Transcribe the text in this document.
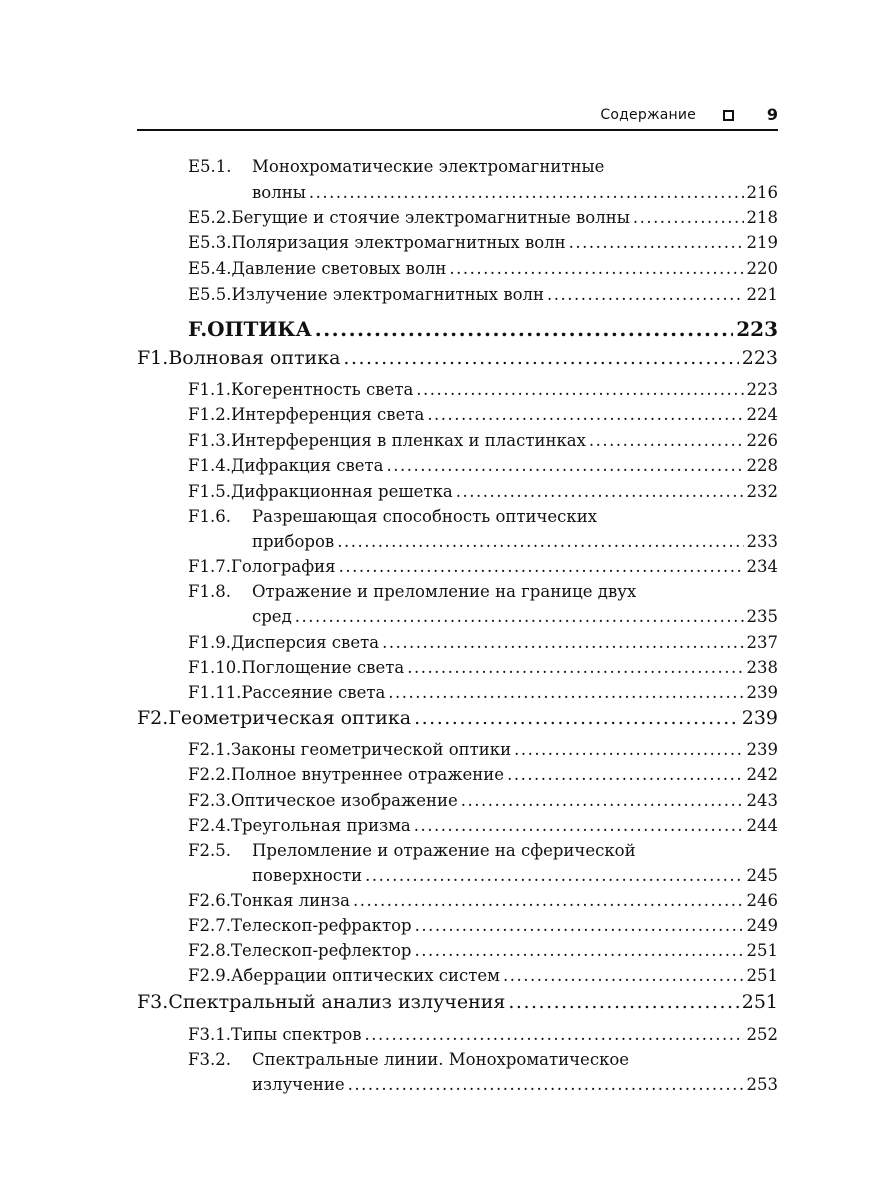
Содержание	9
E5.1. Монохроматические электромагнитные
волны .....	216
E5.2. Бегущие и стоячие электромагнитные волны .....	218
E5.3. Поляризация электромагнитных волн .....	219
E5.4. Давление световых волн .....	220
E5.5. Излучение электромагнитных волн .....	221
F. ОПТИКА .....	223
F1. Волновая оптика .....	223
F1.1. Когерентность света .....	223
F1.2. Интерференция света .....	224
F1.3. Интерференция в пленках и пластинках .....	226
F1.4. Дифракция света .....	228
F1.5. Дифракционная решетка .....	232
F1.6. Разрешающая способность оптических
приборов .....	233
F1.7. Голография .....	234
F1.8. Отражение и преломление на границе двух
сред .....	235
F1.9. Дисперсия света .....	237
F1.10. Поглощение света .....	238
F1.11. Рассеяние света .....	239
F2. Геометрическая оптика .....	239
F2.1. Законы геометрической оптики .....	239
F2.2. Полное внутреннее отражение .....	242
F2.3. Оптическое изображение .....	243
F2.4. Треугольная призма .....	244
F2.5. Преломление и отражение на сферической
поверхности .....	245
F2.6. Тонкая линза .....	246
F2.7. Телескоп-рефрактор .....	249
F2.8. Телескоп-рефлектор .....	251
F2.9. Аберрации оптических систем .....	251
F3. Спектральный анализ излучения .....	251
F3.1. Типы спектров .....	252
F3.2. Спектральные линии. Монохроматическое
излучение .....	253
